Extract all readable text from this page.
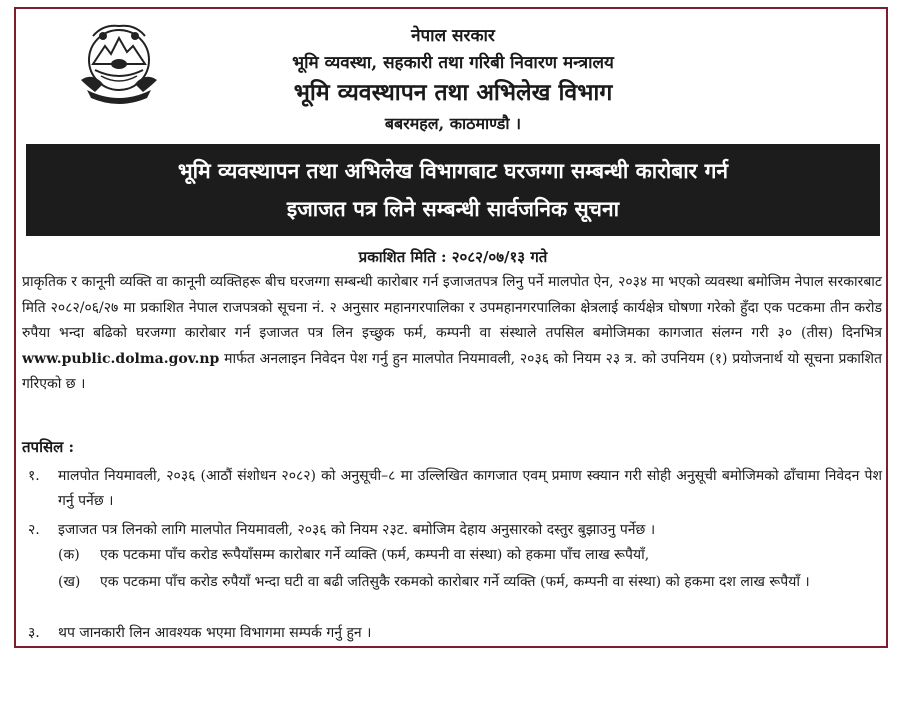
नेपाल सरकार
भूमि व्यवस्था, सहकारी तथा गरिबी निवारण मन्त्रालय
भूमि व्यवस्थापन तथा अभिलेख विभाग
बबरमहल, काठमाण्डौ ।
भूमि व्यवस्थापन तथा अभिलेख विभागबाट घरजग्गा सम्बन्धी कारोबार गर्न
इजाजत पत्र लिने सम्बन्धी सार्वजनिक सूचना
प्रकाशित मिति : २०८२/०७/१३ गते
प्राकृतिक र कानूनी व्यक्ति वा कानूनी व्यक्तिहरू बीच घरजग्गा सम्बन्धी कारोबार गर्न इजाजतपत्र लिनु पर्ने मालपोत ऐन, २०३४ मा भएको व्यवस्था बमोजिम नेपाल सरकारबाट मिति २०८२/०६/२७ मा प्रकाशित नेपाल राजपत्रको सूचना नं. २ अनुसार महानगरपालिका र उपमहानगरपालिका क्षेत्रलाई कार्यक्षेत्र घोषणा गरेको हुँदा एक पटकमा तीन करोड रुपैया भन्दा बढिको घरजग्गा कारोबार गर्न इजाजत पत्र लिन इच्छुक फर्म, कम्पनी वा संस्थाले तपसिल बमोजिमका कागजात संलग्न गरी ३० (तीस) दिनभित्र www.public.dolma.gov.np मार्फत अनलाइन निवेदन पेश गर्नु हुन मालपोत नियमावली, २०३६ को नियम २३ त्र. को उपनियम (१) प्रयोजनार्थ यो सूचना प्रकाशित गरिएको छ ।
तपसिल :
१. मालपोत नियमावली, २०३६ (आठौं संशोधन २०८२) को अनुसूची–८ मा उल्लिखित कागजात एवम् प्रमाण स्क्यान गरी सोही अनुसूची बमोजिमको ढाँचामा निवेदन पेश गर्नु पर्नेछ ।
२. इजाजत पत्र लिनको लागि मालपोत नियमावली, २०३६ को नियम २३ट. बमोजिम देहाय अनुसारको दस्तुर बुझाउनु पर्नेछ ।
(क) एक पटकमा पाँच करोड रूपैयाँसम्म कारोबार गर्ने व्यक्ति (फर्म, कम्पनी वा संस्था) को हकमा पाँच लाख रूपैयाँ,
(ख) एक पटकमा पाँच करोड रुपैयाँ भन्दा घटी वा बढी जतिसुकै रकमको कारोबार गर्ने व्यक्ति (फर्म, कम्पनी वा संस्था) को हकमा दश लाख रूपैयाँ ।
३. थप जानकारी लिन आवश्यक भएमा विभागमा सम्पर्क गर्नु हुन ।
